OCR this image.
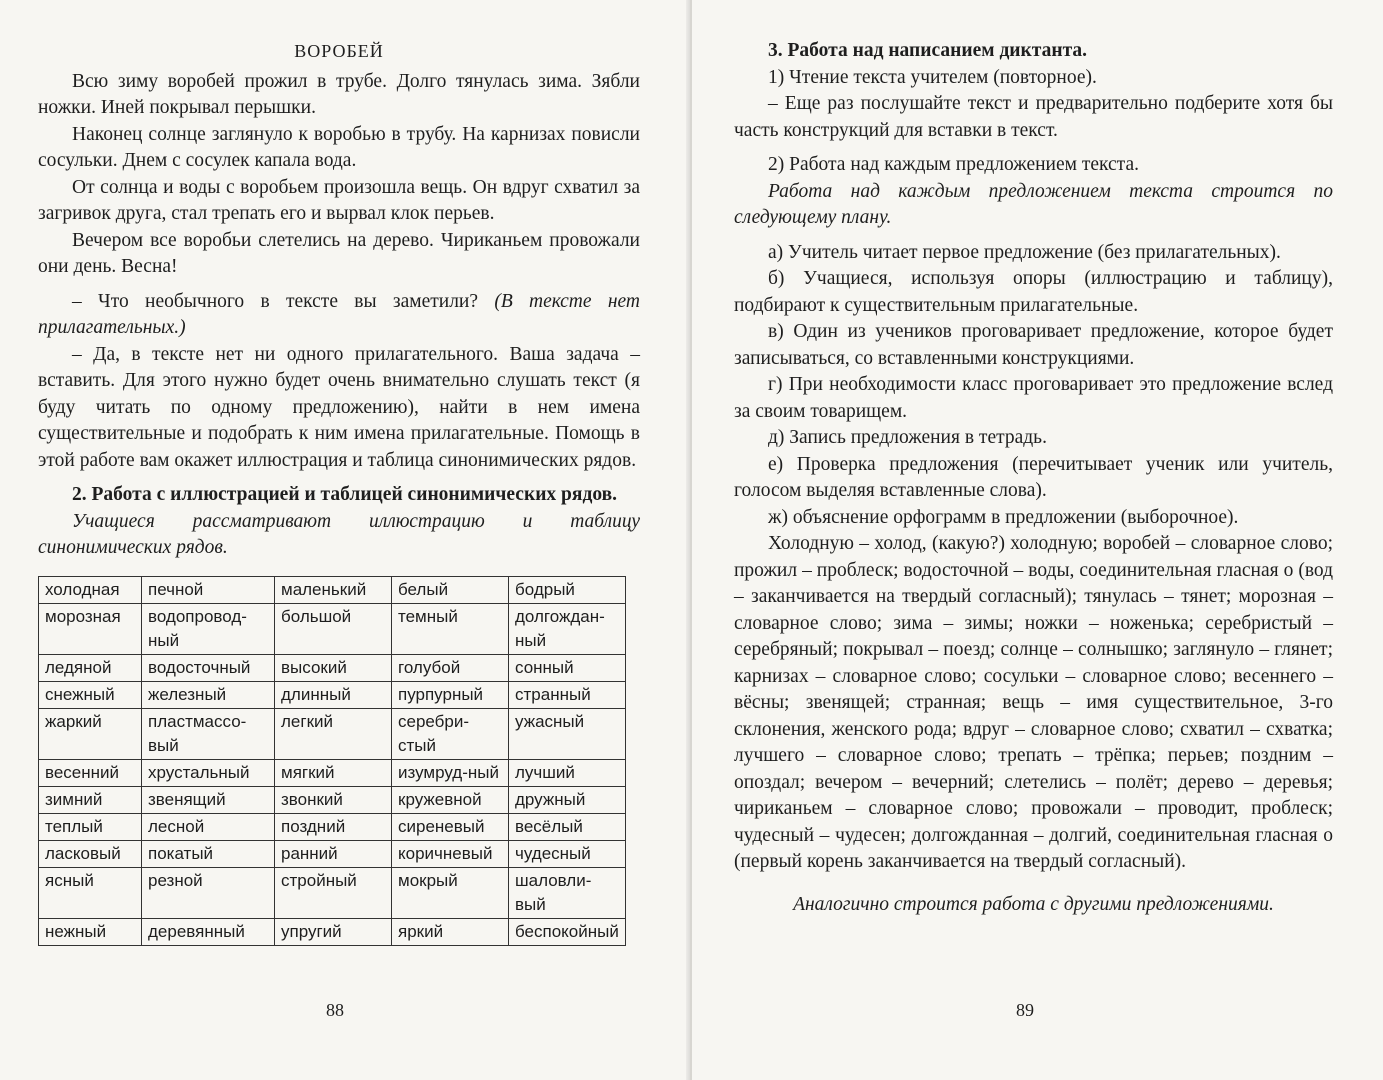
ВОРОБЕЙ

Всю зиму воробей прожил в трубе. Долго тянулась зима. Зябли ножки. Иней покрывал перышки.

Наконец солнце заглянуло к воробью в трубу. На карнизах повисли сосульки. Днем с сосулек капала вода.

От солнца и воды с воробьем произошла вещь. Он вдруг схватил за загривок друга, стал трепать его и вырвал клок перьев.

Вечером все воробьи слетелись на дерево. Чириканьем провожали они день. Весна!

– Что необычного в тексте вы заметили? (В тексте нет прилагательных.)

– Да, в тексте нет ни одного прилагательного. Ваша задача – вставить. Для этого нужно будет очень внимательно слушать текст (я буду читать по одному предложению), найти в нем имена существительные и подобрать к ним имена прилагательные. Помощь в этой работе вам окажет иллюстрация и таблица синонимических рядов.

2. Работа с иллюстрацией и таблицей синонимических рядов.

Учащиеся рассматривают иллюстрацию и таблицу синонимических рядов.

холодная	печной	маленький	белый	бодрый
морозная	водопровод-ный	большой	темный	долгождан-ный
ледяной	водосточный	высокий	голубой	сонный
снежный	железный	длинный	пурпурный	странный
жаркий	пластмассо-вый	легкий	серебри-стый	ужасный
весенний	хрустальный	мягкий	изумруд-ный	лучший
зимний	звенящий	звонкий	кружевной	дружный
теплый	лесной	поздний	сиреневый	весёлый
ласковый	покатый	ранний	коричневый	чудесный
ясный	резной	стройный	мокрый	шаловли-вый
нежный	деревянный	упругий	яркий	беспокойный
88

3. Работа над написанием диктанта.

1) Чтение текста учителем (повторное).

– Еще раз послушайте текст и предварительно подберите хотя бы часть конструкций для вставки в текст.

2) Работа над каждым предложением текста.

Работа над каждым предложением текста строится по следующему плану.

а) Учитель читает первое предложение (без прилагательных).

б) Учащиеся, используя опоры (иллюстрацию и таблицу), подбирают к существительным прилагательные.

в) Один из учеников проговаривает предложение, которое будет записываться, со вставленными конструкциями.

г) При необходимости класс проговаривает это предложение вслед за своим товарищем.

д) Запись предложения в тетрадь.

е) Проверка предложения (перечитывает ученик или учитель, голосом выделяя вставленные слова).

ж) объяснение орфограмм в предложении (выборочное).

Холодную – холод, (какую?) холодную; воробей – словарное слово; прожил – проблеск; водосточной – воды, соединительная гласная о (вод – заканчивается на твердый согласный); тянулась – тянет; морозная – словарное слово; зима – зимы; ножки – ноженька; серебристый – серебряный; покрывал – поезд; солнце – солнышко; заглянуло – глянет; карнизах – словарное слово; сосульки – словарное слово; весеннего – вёсны; звенящей; странная; вещь – имя существительное, 3-го склонения, женского рода; вдруг – словарное слово; схватил – схватка; лучшего – словарное слово; трепать – трёпка; перьев; поздним – опоздал; вечером – вечерний; слетелись – полёт; дерево – деревья; чириканьем – словарное слово; провожали – проводит, проблеск; чудесный – чудесен; долгожданная – долгий, соединительная гласная о (первый корень заканчивается на твердый согласный).

Аналогично строится работа с другими предложениями.

89
